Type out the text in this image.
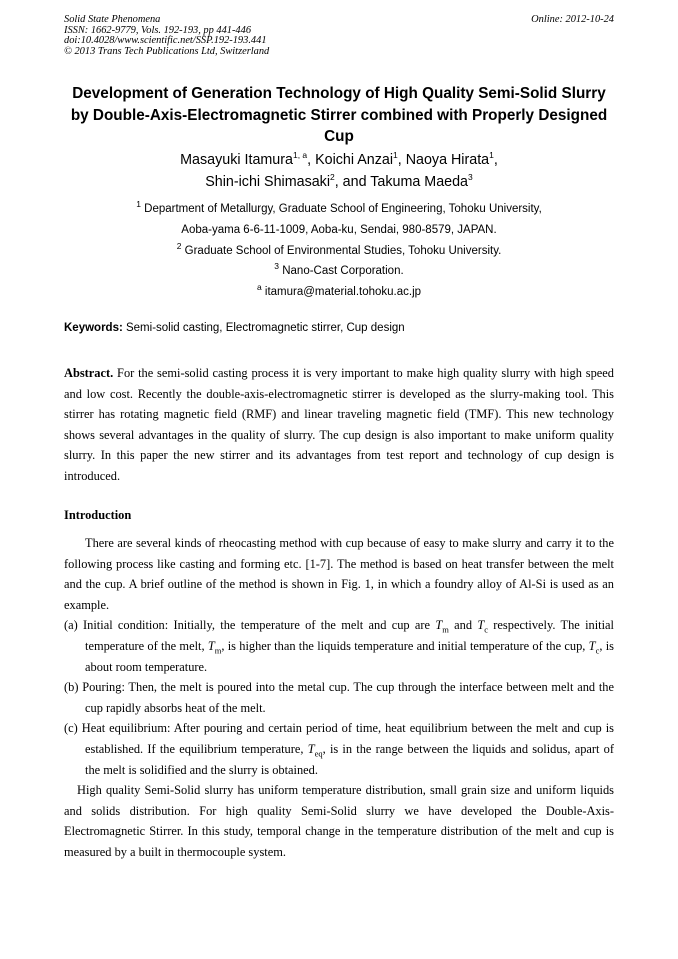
Solid State Phenomena
ISSN: 1662-9779, Vols. 192-193, pp 441-446
doi:10.4028/www.scientific.net/SSP.192-193.441
© 2013 Trans Tech Publications Ltd, Switzerland
Online: 2012-10-24
Development of Generation Technology of High Quality Semi-Solid Slurry by Double-Axis-Electromagnetic Stirrer combined with Properly Designed Cup
Masayuki Itamura$^{1, a}$, Koichi Anzai$^1$, Naoya Hirata$^1$,
Shin-ichi Shimasaki$^2$, and Takuma Maeda$^3$
$^1$ Department of Metallurgy, Graduate School of Engineering, Tohoku University,
Aoba-yama 6-6-11-1009, Aoba-ku, Sendai, 980-8579, JAPAN.
$^2$ Graduate School of Environmental Studies, Tohoku University.
$^3$ Nano-Cast Corporation.
$^a$ itamura@material.tohoku.ac.jp
Keywords: Semi-solid casting, Electromagnetic stirrer, Cup design
Abstract. For the semi-solid casting process it is very important to make high quality slurry with high speed and low cost. Recently the double-axis-electromagnetic stirrer is developed as the slurry-making tool. This stirrer has rotating magnetic field (RMF) and linear traveling magnetic field (TMF). This new technology shows several advantages in the quality of slurry. The cup design is also important to make uniform quality slurry. In this paper the new stirrer and its advantages from test report and technology of cup design is introduced.
Introduction

There are several kinds of rheocasting method with cup because of easy to make slurry and carry it to the following process like casting and forming etc. [1-7]. The method is based on heat transfer between the melt and the cup. A brief outline of the method is shown in Fig. 1, in which a foundry alloy of Al-Si is used as an example.

(a) Initial condition: Initially, the temperature of the melt and cup are $T_m$ and $T_c$ respectively. The initial temperature of the melt, $T_m$, is higher than the liquids temperature and initial temperature of the cup, $T_c$, is about room temperature.

(b) Pouring: Then, the melt is poured into the metal cup. The cup through the interface between melt and the cup rapidly absorbs heat of the melt.

(c) Heat equilibrium: After pouring and certain period of time, heat equilibrium between the melt and cup is established. If the equilibrium temperature, $T_{eq}$, is in the range between the liquids and solidus, apart of the melt is solidified and the slurry is obtained.

High quality Semi-Solid slurry has uniform temperature distribution, small grain size and uniform liquids and solids distribution. For high quality Semi-Solid slurry we have developed the Double-Axis-Electromagnetic Stirrer. In this study, temporal change in the temperature distribution of the melt and cup is measured by a built in thermocouple system.
